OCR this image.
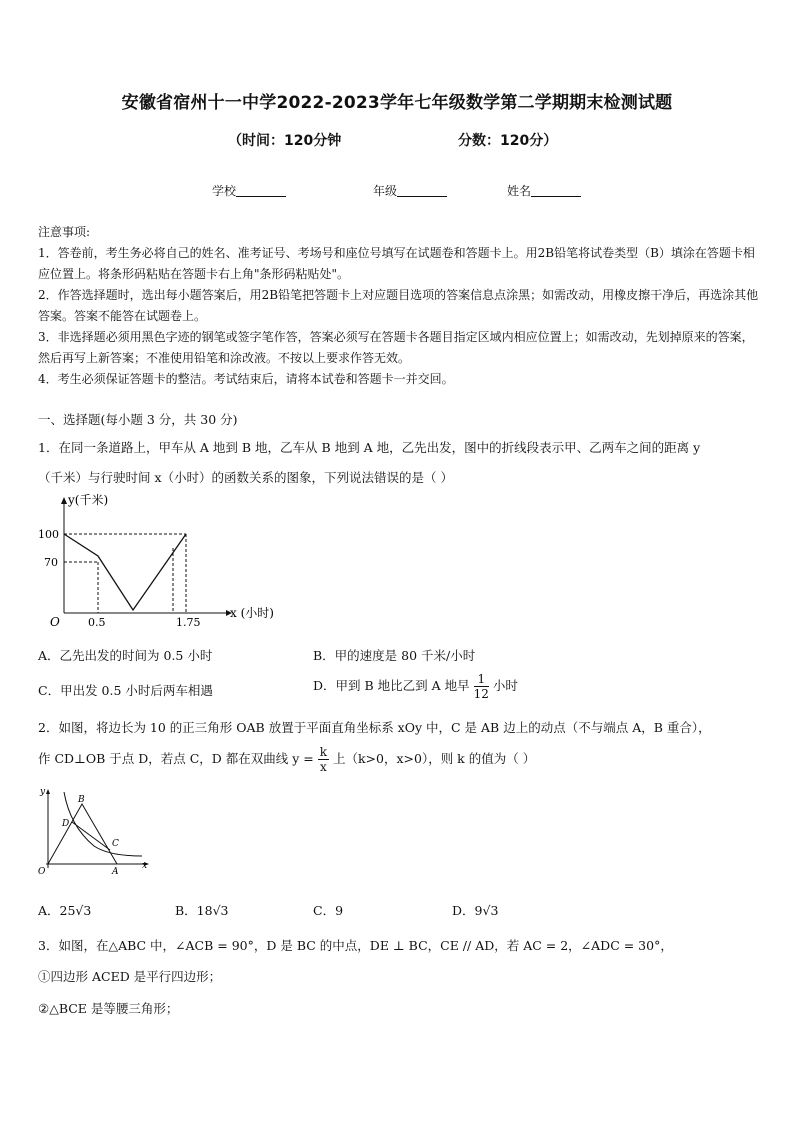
安徽省宿州十一中学2022-2023学年七年级数学第二学期期末检测试题
（时间：120分钟	分数：120分）
学校	年级	姓名
注意事项:
1．答卷前，考生务必将自己的姓名、准考证号、考场号和座位号填写在试题卷和答题卡上。用2B铅笔将试卷类型（B）填涂在答题卡相应位置上。将条形码粘贴在答题卡右上角"条形码粘贴处"。
2．作答选择题时，选出每小题答案后，用2B铅笔把答题卡上对应题目选项的答案信息点涂黑；如需改动，用橡皮擦干净后，再选涂其他答案。答案不能答在试题卷上。
3．非选择题必须用黑色字迹的钢笔或签字笔作答，答案必须写在答题卡各题目指定区域内相应位置上；如需改动，先划掉原来的答案，然后再写上新答案；不准使用铅笔和涂改液。不按以上要求作答无效。
4．考生必须保证答题卡的整洁。考试结束后，请将本试卷和答题卡一并交回。
一、选择题(每小题 3 分，共 30 分)
1．在同一条道路上，甲车从 A 地到 B 地，乙车从 B 地到 A 地，乙先出发，图中的折线段表示甲、乙两车之间的距离 y
（千米）与行驶时间 x（小时）的函数关系的图象，下列说法错误的是（ ）
y(千米)
100
70
0.5	1.75
O
x (小时)
A．乙先出发的时间为 0.5 小时	B．甲的速度是 80 千米/小时
C．甲出发 0.5 小时后两车相遇	D．甲到 B 地比乙到 A 地早 $\frac{1}{12}$ 小时
2．如图，将边长为 10 的正三角形 OAB 放置于平面直角坐标系 xOy 中，C 是 AB 边上的动点（不与端点 A，B 重合），
作 CD⊥OB 于点 D，若点 C，D 都在双曲线 $y = \frac{k}{x}$ 上（k>0，x>0），则 k 的值为（ ）
y
B
D
C
O	A
x
A．25√3	B．18√3	C．9	D．9√3
3．如图，在△ABC 中，∠ACB = 90°，D 是 BC 的中点，DE ⊥ BC，CE // AD，若 AC = 2，∠ADC = 30°，
①四边形 ACED 是平行四边形；
②△BCE 是等腰三角形；
